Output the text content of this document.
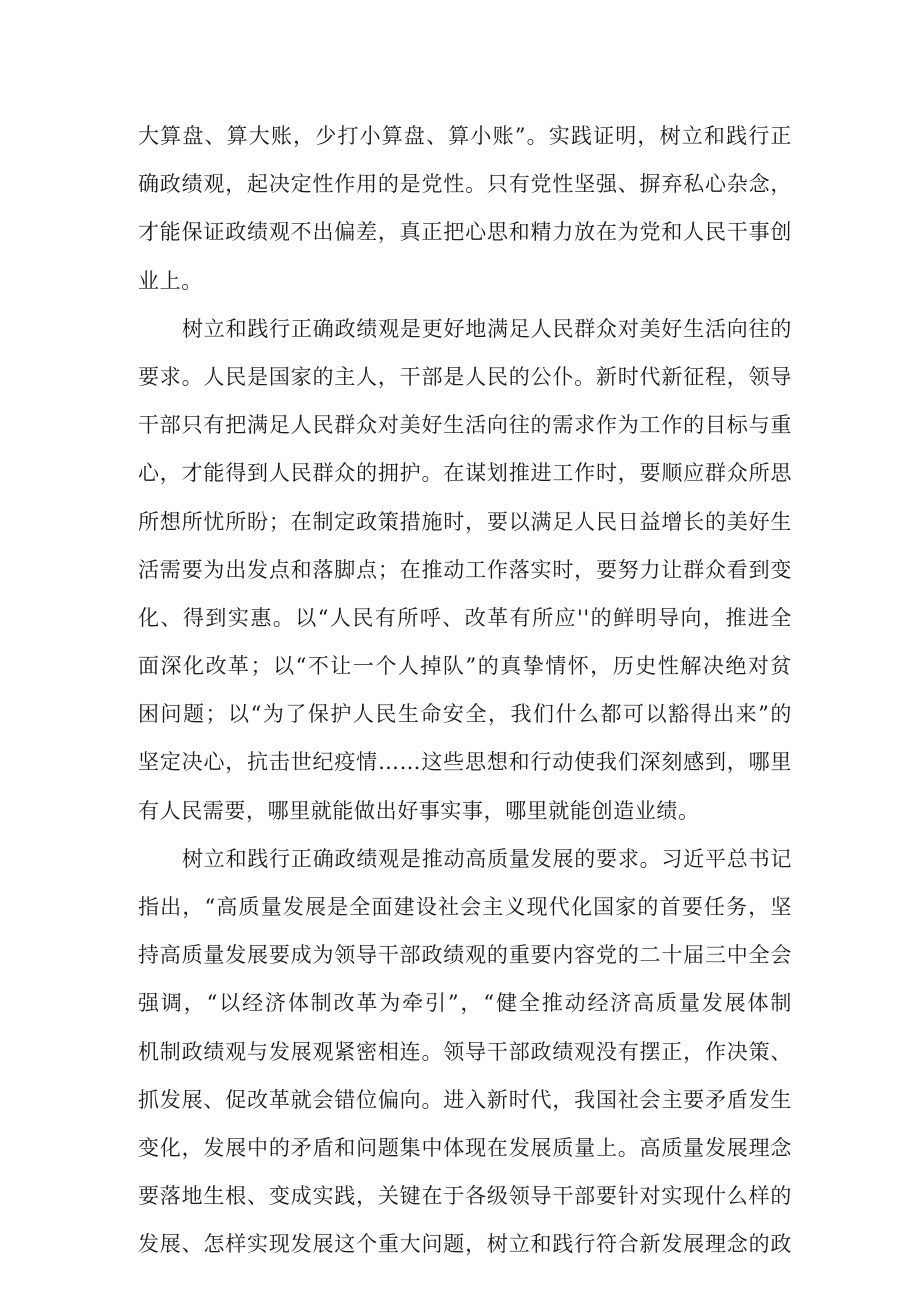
大算盘、算大账，少打小算盘、算小账”。实践证明，树立和践行正
确政绩观，起决定性作用的是党性。只有党性坚强、摒弃私心杂念，
才能保证政绩观不出偏差，真正把心思和精力放在为党和人民干事创
业上。
树立和践行正确政绩观是更好地满足人民群众对美好生活向往的
要求。人民是国家的主人，干部是人民的公仆。新时代新征程，领导
干部只有把满足人民群众对美好生活向往的需求作为工作的目标与重
心，才能得到人民群众的拥护。在谋划推进工作时，要顺应群众所思
所想所忧所盼；在制定政策措施时，要以满足人民日益增长的美好生
活需要为出发点和落脚点；在推动工作落实时，要努力让群众看到变
化、得到实惠。以“人民有所呼、改革有所应''的鲜明导向，推进全
面深化改革；以“不让一个人掉队”的真挚情怀，历史性解决绝对贫
困问题；以“为了保护人民生命安全，我们什么都可以豁得出来”的
坚定决心，抗击世纪疫情……这些思想和行动使我们深刻感到，哪里
有人民需要，哪里就能做出好事实事，哪里就能创造业绩。
树立和践行正确政绩观是推动高质量发展的要求。习近平总书记
指出，“高质量发展是全面建设社会主义现代化国家的首要任务，坚
持高质量发展要成为领导干部政绩观的重要内容党的二十届三中全会
强调，“以经济体制改革为牵引”，“健全推动经济高质量发展体制
机制政绩观与发展观紧密相连。领导干部政绩观没有摆正，作决策、
抓发展、促改革就会错位偏向。进入新时代，我国社会主要矛盾发生
变化，发展中的矛盾和问题集中体现在发展质量上。高质量发展理念
要落地生根、变成实践，关键在于各级领导干部要针对实现什么样的
发展、怎样实现发展这个重大问题，树立和践行符合新发展理念的政
